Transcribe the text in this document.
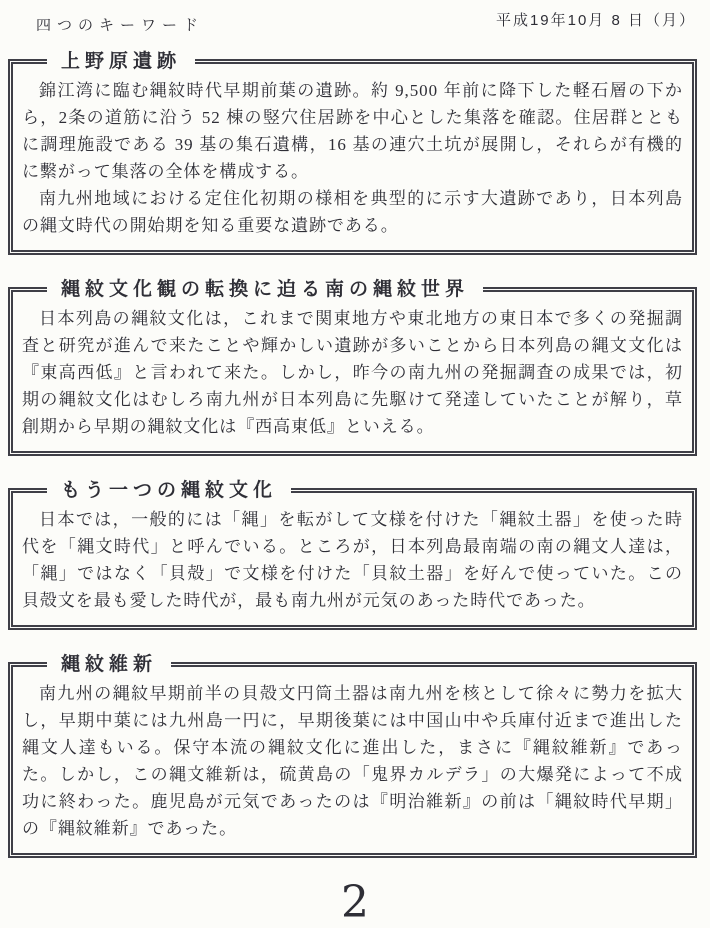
四つのキーワード	平成19年10月 8 日（月）
上野原遺跡

錦江湾に臨む縄紋時代早期前葉の遺跡。約 9,500 年前に降下した軽石層の下から，2条の道筋に沿う 52 棟の竪穴住居跡を中心とした集落を確認。住居群とともに調理施設である 39 基の集石遺構，16 基の連穴土坑が展開し，それらが有機的に繫がって集落の全体を構成する。

南九州地域における定住化初期の様相を典型的に示す大遺跡であり，日本列島の縄文時代の開始期を知る重要な遺跡である。

縄紋文化観の転換に迫る南の縄紋世界

日本列島の縄紋文化は，これまで関東地方や東北地方の東日本で多くの発掘調査と研究が進んで来たことや輝かしい遺跡が多いことから日本列島の縄文文化は『東高西低』と言われて来た。しかし，昨今の南九州の発掘調査の成果では，初期の縄紋文化はむしろ南九州が日本列島に先駆けて発達していたことが解り，草創期から早期の縄紋文化は『西高東低』といえる。

もう一つの縄紋文化

日本では，一般的には「縄」を転がして文様を付けた「縄紋土器」を使った時代を「縄文時代」と呼んでいる。ところが，日本列島最南端の南の縄文人達は，「縄」ではなく「貝殻」で文様を付けた「貝紋土器」を好んで使っていた。この貝殻文を最も愛した時代が，最も南九州が元気のあった時代であった。

縄紋維新

南九州の縄紋早期前半の貝殻文円筒土器は南九州を核として徐々に勢力を拡大し，早期中葉には九州島一円に，早期後葉には中国山中や兵庫付近まで進出した縄文人達もいる。保守本流の縄紋文化に進出した，まさに『縄紋維新』であった。しかし，この縄文維新は，硫黄島の「鬼界カルデラ」の大爆発によって不成功に終わった。鹿児島が元気であったのは『明治維新』の前は「縄紋時代早期」の『縄紋維新』であった。

2
